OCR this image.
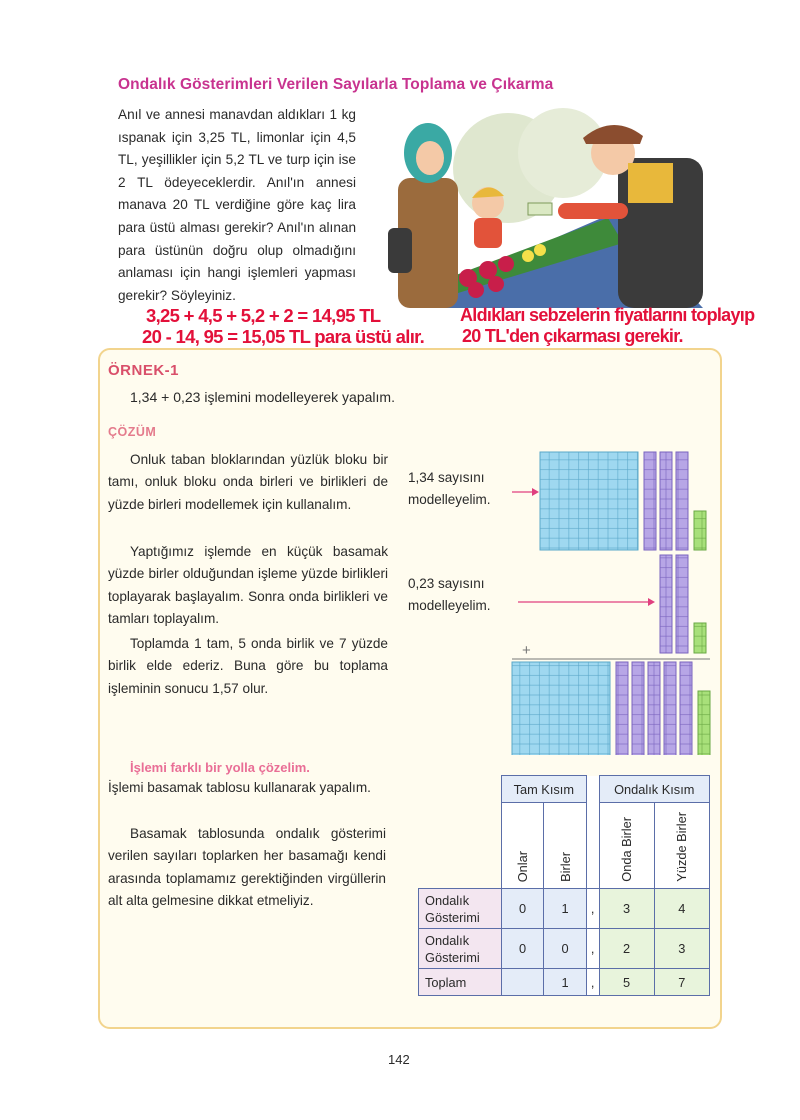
Ondalık Gösterimleri Verilen Sayılarla Toplama ve Çıkarma

Anıl ve annesi manavdan aldıkları 1 kg ıspanak için 3,25 TL, limonlar için 4,5 TL, yeşillikler için 5,2 TL ve turp için ise 2 TL ödeyeceklerdir. Anıl'ın annesi manava 20 TL verdiğine göre kaç lira para üstü alması gerekir? Anıl'ın alınan para üstünün doğru olup olmadığını anlaması için hangi işlemleri yapması gerekir? Söyleyiniz.

3,25 + 4,5 + 5,2 + 2 = 14,95 TL	Aldıkları sebzelerin fiyatlarını toplayıp
20 - 14, 95 = 15,05 TL para üstü alır. 20 TL'den çıkarması gerekir.
ÖRNEK-1
1,34 + 0,23 işlemini modelleyerek yapalım.
ÇÖZÜM

Onluk taban bloklarından yüzlük bloku bir tamı, onluk bloku onda birleri ve birlikleri de yüzde birleri modellemek için kullanalım.

Yaptığımız işlemde en küçük basamak yüzde birler olduğundan işleme yüzde birlikleri toplayarak başlayalım. Sonra onda birlikleri ve tamları toplayalım.

Toplamda 1 tam, 5 onda birlik ve 7 yüzde birlik elde ederiz. Buna göre bu toplama işleminin sonucu 1,57 olur.

1,34 sayısını modelleyelim.
0,23 sayısını modelleyelim.
+
İşlemi farklı bir yolla çözelim.

İşlemi basamak tablosu kullanarak yapalım.

Basamak tablosunda ondalık gösterimi verilen sayıları toplarken her basamağı kendi arasında toplamamız gerektiğinden virgüllerin alt alta gelmesine dikkat etmeliyiz.

	Tam Kısım			Ondalık Kısım	

	Onlar	Birler		Onda Birler	Yüzde Birler

Ondalık Gösterimi	0	1	,	3	4
Ondalık Gösterimi	0	0	,	2	3
Toplam		1	,	5	7
142
